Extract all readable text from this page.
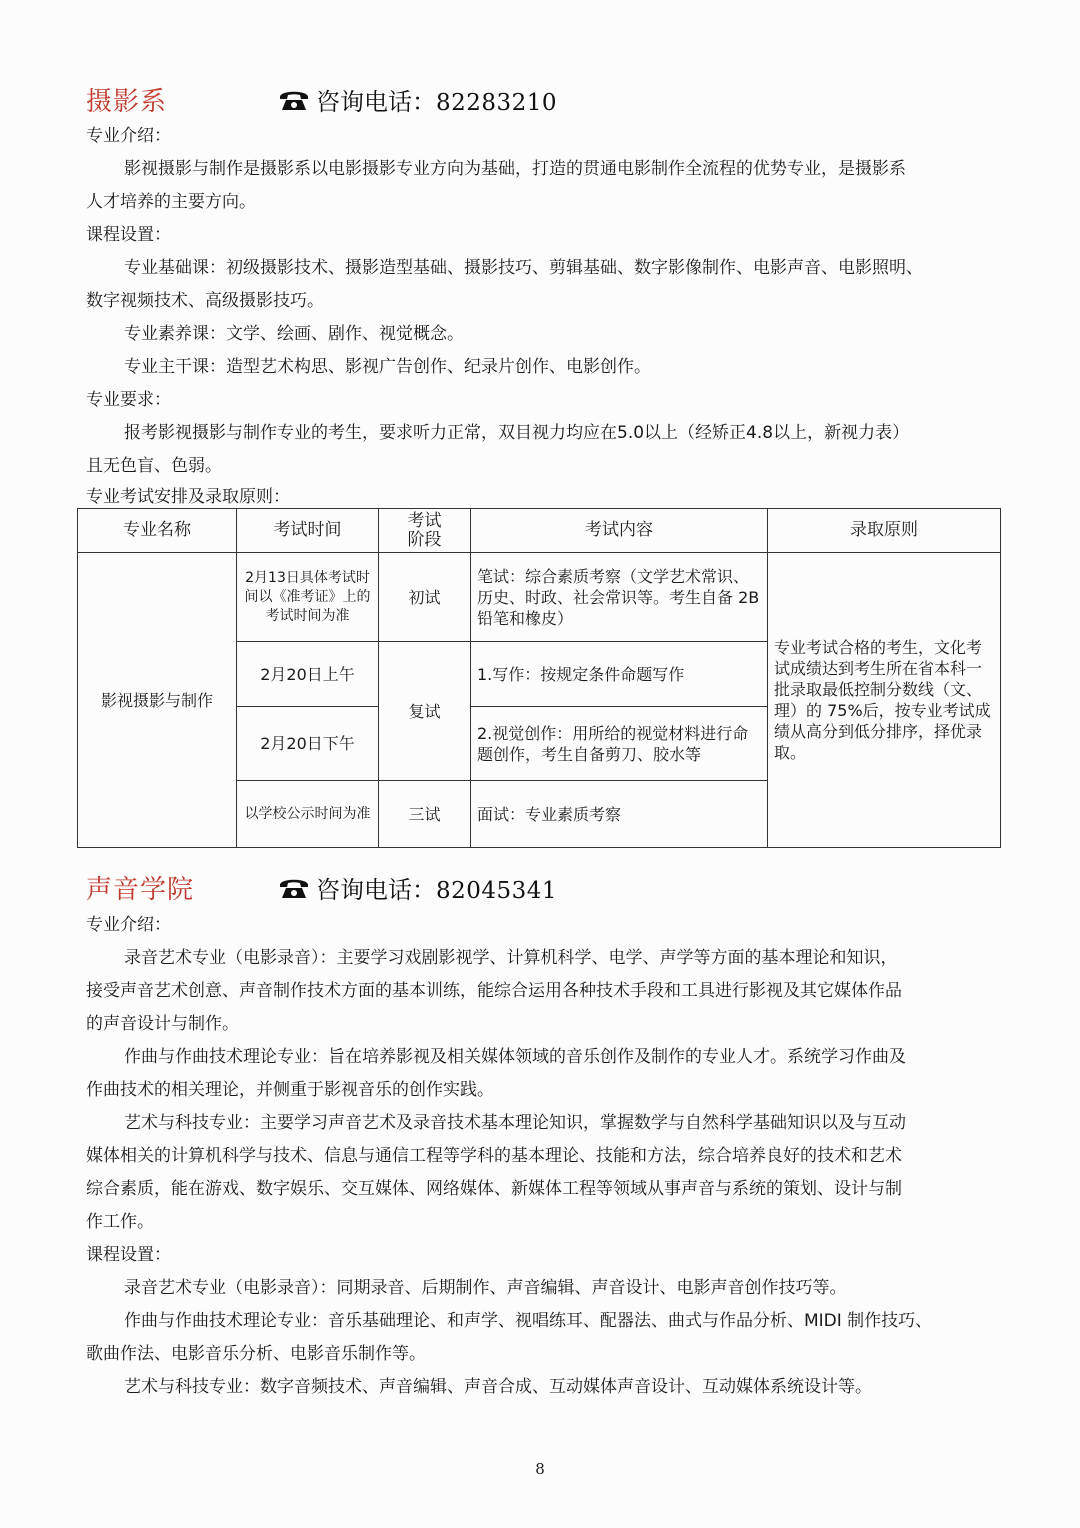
摄影系	咨询电话：82283210
专业介绍：
影视摄影与制作是摄影系以电影摄影专业方向为基础，打造的贯通电影制作全流程的优势专业，是摄影系
人才培养的主要方向。
课程设置：
专业基础课：初级摄影技术、摄影造型基础、摄影技巧、剪辑基础、数字影像制作、电影声音、电影照明、
数字视频技术、高级摄影技巧。
专业素养课：文学、绘画、剧作、视觉概念。
专业主干课：造型艺术构思、影视广告创作、纪录片创作、电影创作。
专业要求：
报考影视摄影与制作专业的考生，要求听力正常，双目视力均应在5.0以上（经矫正4.8以上，新视力表）
且无色盲、色弱。
专业考试安排及录取原则：
专业名称	考试时间	考试阶段	考试内容	录取原则
影视摄影与制作	2月13日具体考试时间以《准考证》上的考试时间为准	初试	笔试：综合素质考察（文学艺术常识、历史、时政、社会常识等。考生自备 2B 铅笔和橡皮）	专业考试合格的考生，文化考试成绩达到考生所在省本科一批录取最低控制分数线（文、理）的 75%后，按专业考试成绩从高分到低分排序，择优录取。
	2月20日上午	复试	1.写作：按规定条件命题写作	
	2月20日下午		2.视觉创作：用所给的视觉材料进行命题创作，考生自备剪刀、胶水等	
	以学校公示时间为准	三试	面试：专业素质考察	
声音学院	咨询电话：82045341
专业介绍：
录音艺术专业（电影录音）：主要学习戏剧影视学、计算机科学、电学、声学等方面的基本理论和知识，
接受声音艺术创意、声音制作技术方面的基本训练，能综合运用各种技术手段和工具进行影视及其它媒体作品
的声音设计与制作。
作曲与作曲技术理论专业：旨在培养影视及相关媒体领域的音乐创作及制作的专业人才。系统学习作曲及
作曲技术的相关理论，并侧重于影视音乐的创作实践。
艺术与科技专业：主要学习声音艺术及录音技术基本理论知识，掌握数学与自然科学基础知识以及与互动
媒体相关的计算机科学与技术、信息与通信工程等学科的基本理论、技能和方法，综合培养良好的技术和艺术
综合素质，能在游戏、数字娱乐、交互媒体、网络媒体、新媒体工程等领域从事声音与系统的策划、设计与制
作工作。
课程设置：
录音艺术专业（电影录音）：同期录音、后期制作、声音编辑、声音设计、电影声音创作技巧等。
作曲与作曲技术理论专业：音乐基础理论、和声学、视唱练耳、配器法、曲式与作品分析、MIDI 制作技巧、
歌曲作法、电影音乐分析、电影音乐制作等。
艺术与科技专业：数字音频技术、声音编辑、声音合成、互动媒体声音设计、互动媒体系统设计等。
8
